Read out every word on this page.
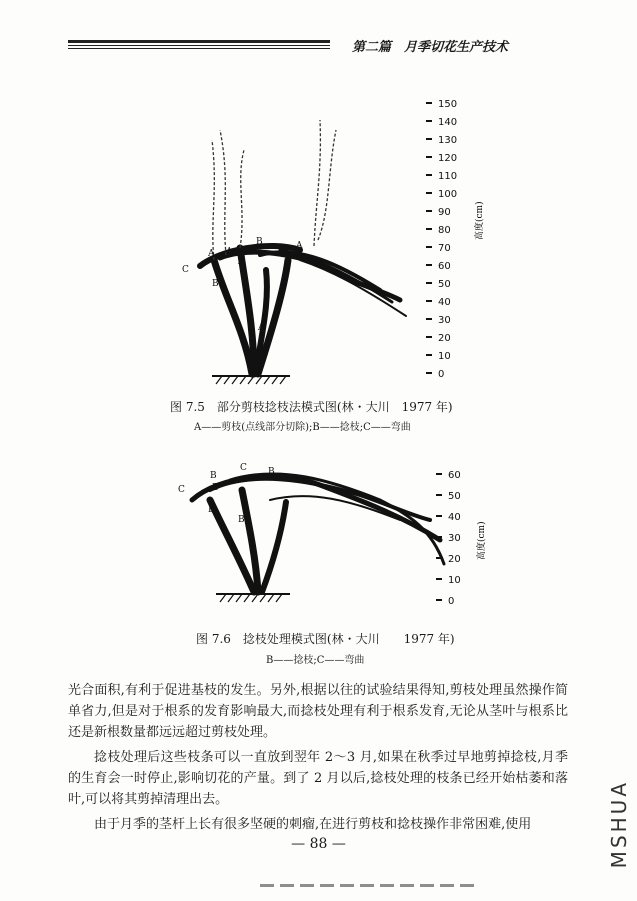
第二篇　月季切花生产技术
A A
A
B	A
C
B
A
150
140
130
120
110
100
90
80
70
60
50
40
30
20
10
0
高度(cm)
图 7.5　部分剪枝捻枝法模式图(林・大川　1977 年)
A——剪枝(点线部分切除);B——捻枝;C——弯曲
B
C B
C	B
B
B
60
50
40
30
20
10
0
高度(cm)
图 7.6　捻枝处理模式图(林・大川　　1977 年)
B——捻枝;C——弯曲

光合面积,有利于促进基枝的发生。另外,根据以往的试验结果得知,剪枝处理虽然操作简单省力,但是对于根系的发育影响最大,而捻枝处理有利于根系发育,无论从茎叶与根系比还是新根数量都远远超过剪枝处理。

捻枝处理后这些枝条可以一直放到翌年 2～3 月,如果在秋季过早地剪掉捻枝,月季的生育会一时停止,影响切花的产量。到了 2 月以后,捻枝处理的枝条已经开始枯萎和落叶,可以将其剪掉清理出去。

由于月季的茎杆上长有很多坚硬的刺瘤,在进行剪枝和捻枝操作非常困难,使用

— 88 —	MSHUA
